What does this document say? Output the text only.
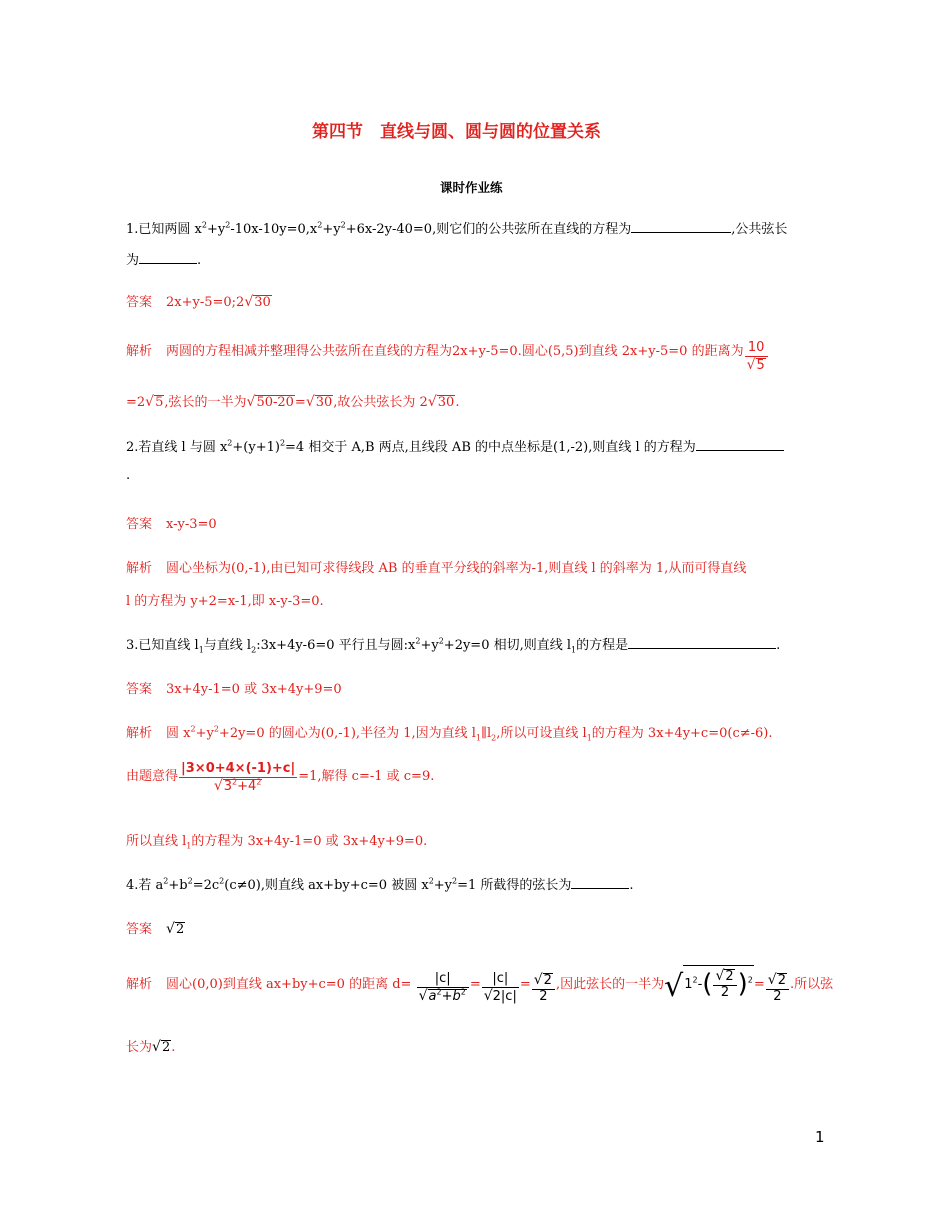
第四节　直线与圆、圆与圆的位置关系
课时作业练
1.已知两圆 $x^2+y^2-10x-10y=0,x^2+y^2+6x-2y-40=0$,则它们的公共弦所在直线的方程为	,公共弦长
为	.
答案 2x+y-5=0;2√30
解析 两圆的方程相减并整理得公共弦所在直线的方程为2x+y-5=0.圆心(5,5)到直线 2x+y-5=0 的距离为 $\frac{10}{√5}$
=2√5,弦长的一半为√50-20=√30,故公共弦长为 2√30.
2.若直线 l 与圆 $x^2+(y+1)^2=4$ 相交于 A,B 两点,且线段 AB 的中点坐标是(1,-2),则直线 l 的方程为
.
答案 x-y-3=0
解析 圆心坐标为(0,-1),由已知可求得线段 AB 的垂直平分线的斜率为-1,则直线 l 的斜率为 1,从而可得直线
l 的方程为 y+2=x-1,即 x-y-3=0.
3.已知直线 $l_1$与直线 $l_2:3x+4y-6=0$ 平行且与圆$:x^2+y^2+2y=0$ 相切,则直线 $l_1$的方程是	.
答案 3x+4y-1=0 或 3x+4y+9=0
解析 圆 $x^2+y^2+2y=0$ 的圆心为(0,-1),半径为 1,因为直线 $l_1\parallel l_2$,所以可设直线 $l_1$的方程为 3x+4y+c=0(c≠-6).
由题意得 $\frac{|3\times 0+4\times(-1)+c|}{√3^2+4^2} =1$,解得 c=-1 或 c=9.
所以直线 $l_1$的方程为 3x+4y-1=0 或 3x+4y+9=0.
4.若 $a^2+b^2=2c^2(c\ne 0)$,则直线 ax+by+c=0 被圆 $x^2+y^2=1$ 所截得的弦长为	.
答案 √2
解析 圆心(0,0)到直线 ax+by+c=0 的距离 $d= \frac{|c|}{√a^2+b^2} = \frac{|c|}{√2|c|} = \frac{√2}{2}$ ,因此弦长的一半为$√1^2-( \frac{√2}{2} )^2= \frac{√2}{2}$ .所以弦
长为√2.
1
